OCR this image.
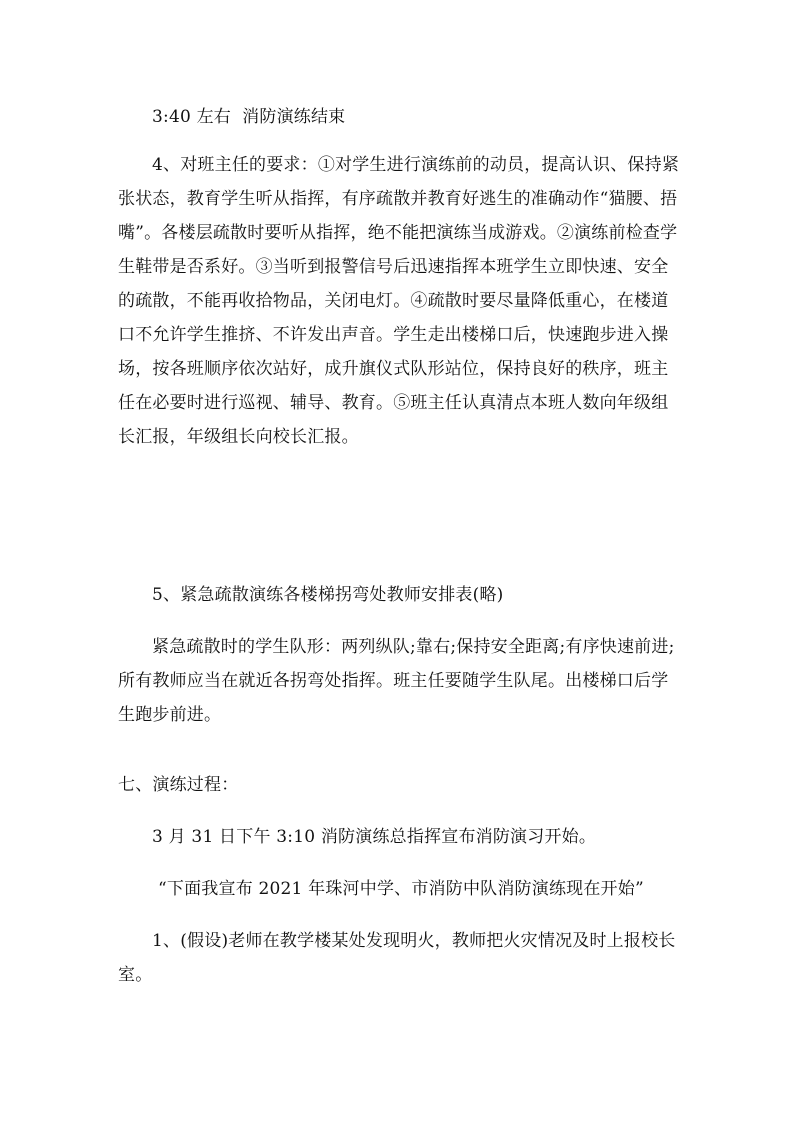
3:40 左右  消防演练结束

4、对班主任的要求：①对学生进行演练前的动员，提高认识、保持紧张状态，教育学生听从指挥，有序疏散并教育好逃生的准确动作“猫腰、捂嘴”。各楼层疏散时要听从指挥，绝不能把演练当成游戏。②演练前检查学生鞋带是否系好。③当听到报警信号后迅速指挥本班学生立即快速、安全的疏散，不能再收拾物品，关闭电灯。④疏散时要尽量降低重心，在楼道口不允许学生推挤、不许发出声音。学生走出楼梯口后，快速跑步进入操场，按各班顺序依次站好，成升旗仪式队形站位，保持良好的秩序，班主任在必要时进行巡视、辅导、教育。⑤班主任认真清点本班人数向年级组长汇报，年级组长向校长汇报。

5、紧急疏散演练各楼梯拐弯处教师安排表(略)

紧急疏散时的学生队形：两列纵队;靠右;保持安全距离;有序快速前进;所有教师应当在就近各拐弯处指挥。班主任要随学生队尾。出楼梯口后学生跑步前进。

七、演练过程：

3 月 31 日下午 3:10 消防演练总指挥宣布消防演习开始。

“下面我宣布 2021 年珠河中学、市消防中队消防演练现在开始”

1、(假设)老师在教学楼某处发现明火，教师把火灾情况及时上报校长室。
